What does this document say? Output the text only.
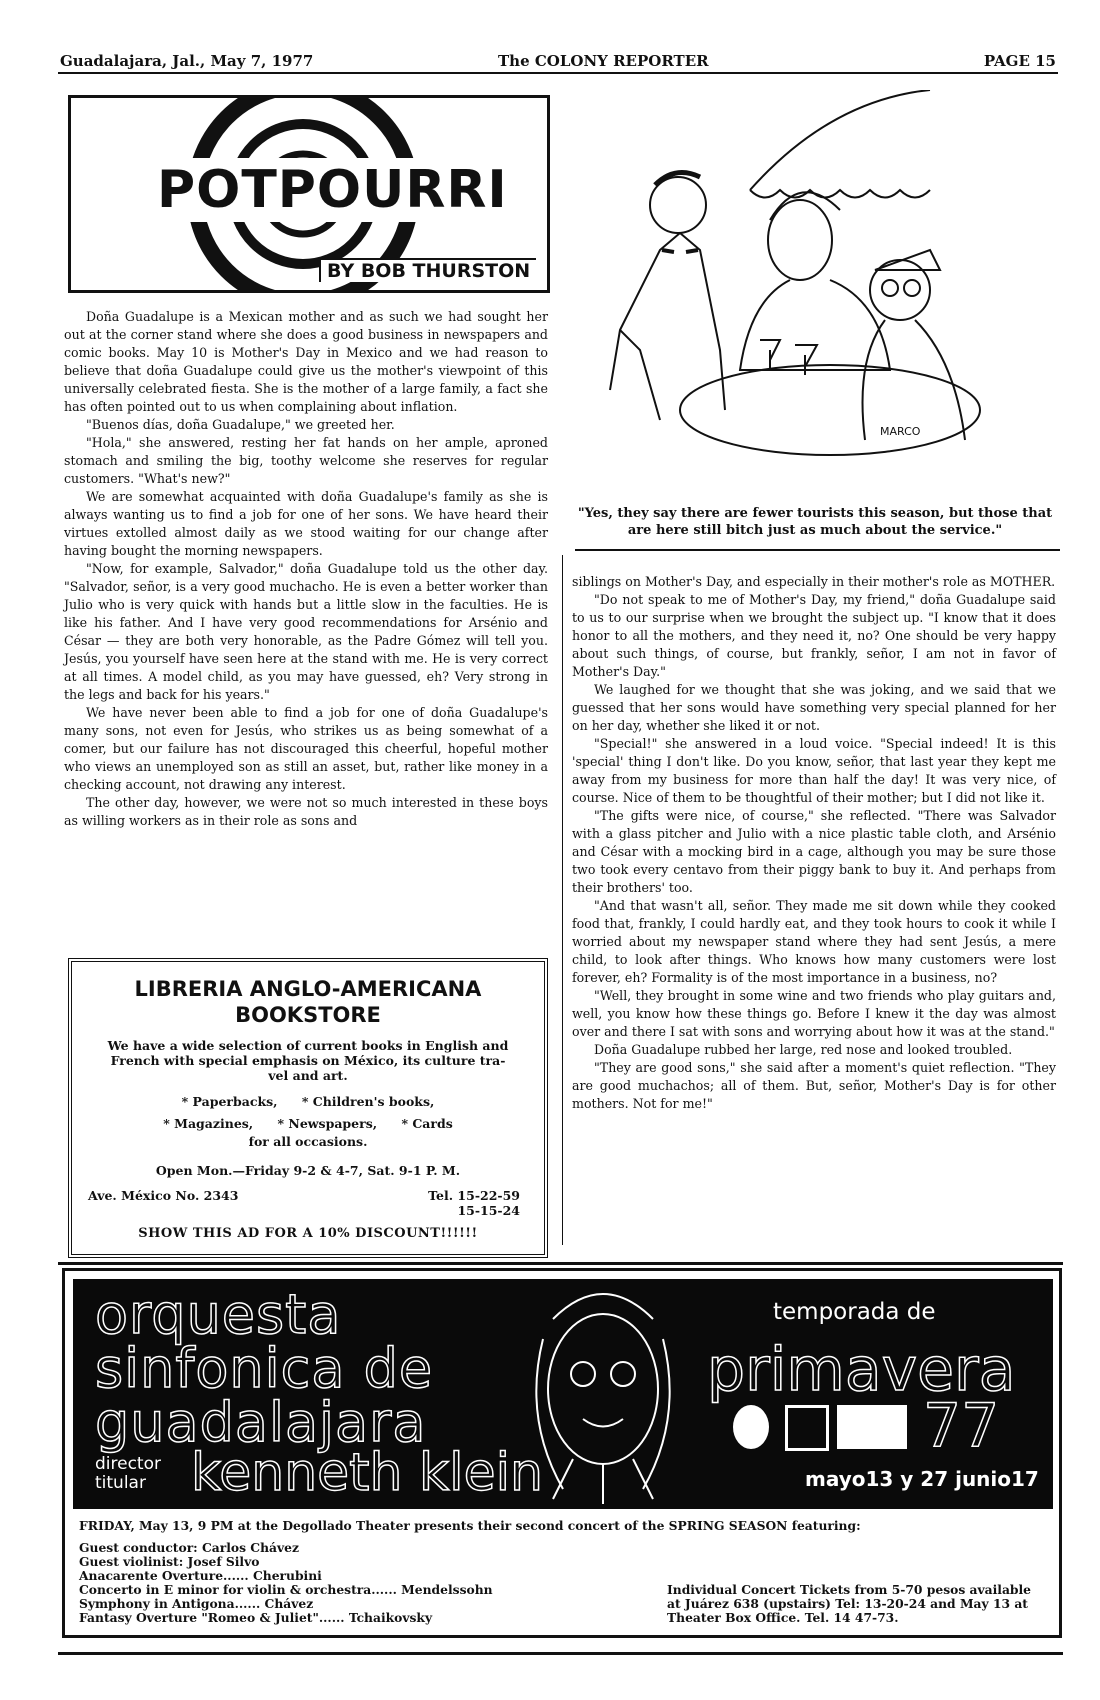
Guadalajara, Jal., May 7, 1977	The COLONY REPORTER	PAGE 15
POTPOURRI
BY BOB THURSTON
MARCO
"Yes, they say there are fewer tourists this season, but those that are here still bitch just as much about the service."

Doña Guadalupe is a Mexican mother and as such we had sought her out at the corner stand where she does a good business in newspapers and comic books. May 10 is Mother's Day in Mexico and we had reason to believe that doña Guadalupe could give us the mother's viewpoint of this universally celebrated fiesta. She is the mother of a large family, a fact she has often pointed out to us when complaining about inflation.

"Buenos días, doña Guadalupe," we greeted her.

"Hola," she answered, resting her fat hands on her ample, aproned stomach and smiling the big, toothy welcome she reserves for regular customers. "What's new?"

We are somewhat acquainted with doña Guadalupe's family as she is always wanting us to find a job for one of her sons. We have heard their virtues extolled almost daily as we stood waiting for our change after having bought the morning newspapers.

"Now, for example, Salvador," doña Guadalupe told us the other day. "Salvador, señor, is a very good muchacho. He is even a better worker than Julio who is very quick with hands but a little slow in the faculties. He is like his father. And I have very good recommendations for Arsénio and César — they are both very honorable, as the Padre Gómez will tell you. Jesús, you yourself have seen here at the stand with me. He is very correct at all times. A model child, as you may have guessed, eh? Very strong in the legs and back for his years."

We have never been able to find a job for one of doña Guadalupe's many sons, not even for Jesús, who strikes us as being somewhat of a comer, but our failure has not discouraged this cheerful, hopeful mother who views an unemployed son as still an asset, but, rather like money in a checking account, not drawing any interest.

The other day, however, we were not so much interested in these boys as willing workers as in their role as sons and

siblings on Mother's Day, and especially in their mother's role as MOTHER.

"Do not speak to me of Mother's Day, my friend," doña Guadalupe said to us to our surprise when we brought the subject up. "I know that it does honor to all the mothers, and they need it, no? One should be very happy about such things, of course, but frankly, señor, I am not in favor of Mother's Day."

We laughed for we thought that she was joking, and we said that we guessed that her sons would have something very special planned for her on her day, whether she liked it or not.

"Special!" she answered in a loud voice. "Special indeed! It is this 'special' thing I don't like. Do you know, señor, that last year they kept me away from my business for more than half the day! It was very nice, of course. Nice of them to be thoughtful of their mother; but I did not like it.

"The gifts were nice, of course," she reflected. "There was Salvador with a glass pitcher and Julio with a nice plastic table cloth, and Arsénio and César with a mocking bird in a cage, although you may be sure those two took every centavo from their piggy bank to buy it. And perhaps from their brothers' too.

"And that wasn't all, señor. They made me sit down while they cooked food that, frankly, I could hardly eat, and they took hours to cook it while I worried about my newspaper stand where they had sent Jesús, a mere child, to look after things. Who knows how many customers were lost forever, eh? Formality is of the most importance in a business, no?

"Well, they brought in some wine and two friends who play guitars and, well, you know how these things go. Before I knew it the day was almost over and there I sat with sons and worrying about how it was at the stand."

Doña Guadalupe rubbed her large, red nose and looked troubled.

"They are good sons," she said after a moment's quiet reflection. "They are good muchachos; all of them. But, señor, Mother's Day is for other mothers. Not for me!"

LIBRERIA ANGLO-AMERICANA
BOOKSTORE
We have a wide selection of current books in English and
French with special emphasis on México, its culture tra-
vel and art.
* Paperbacks, * Children's books,
* Magazines, * Newspapers, * Cards
for all occasions.
Open Mon.—Friday 9-2 & 4-7, Sat. 9-1 P. M.
Ave. México No. 2343	Tel. 15-22-59
15-15-24
SHOW THIS AD FOR A 10% DISCOUNT!!!!!!
orquesta
sinfonica de
guadalajara
director
titular kenneth klein
temporada de
primavera
77
mayo13 y 27 junio17
FRIDAY, May 13, 9 PM at the Degollado Theater presents their second concert of the SPRING SEASON featuring:
Guest conductor: Carlos Chávez
Guest violinist: Josef Silvo
Anacarente Overture...... Cherubini
Concerto in E minor for violin & orchestra...... Mendelssohn
Symphony in Antigona...... Chávez
Fantasy Overture "Romeo & Juliet"...... Tchaikovsky
Individual Concert Tickets from 5-70 pesos available at Juárez 638 (upstairs) Tel: 13-20-24 and May 13 at Theater Box Office. Tel. 14 47-73.
